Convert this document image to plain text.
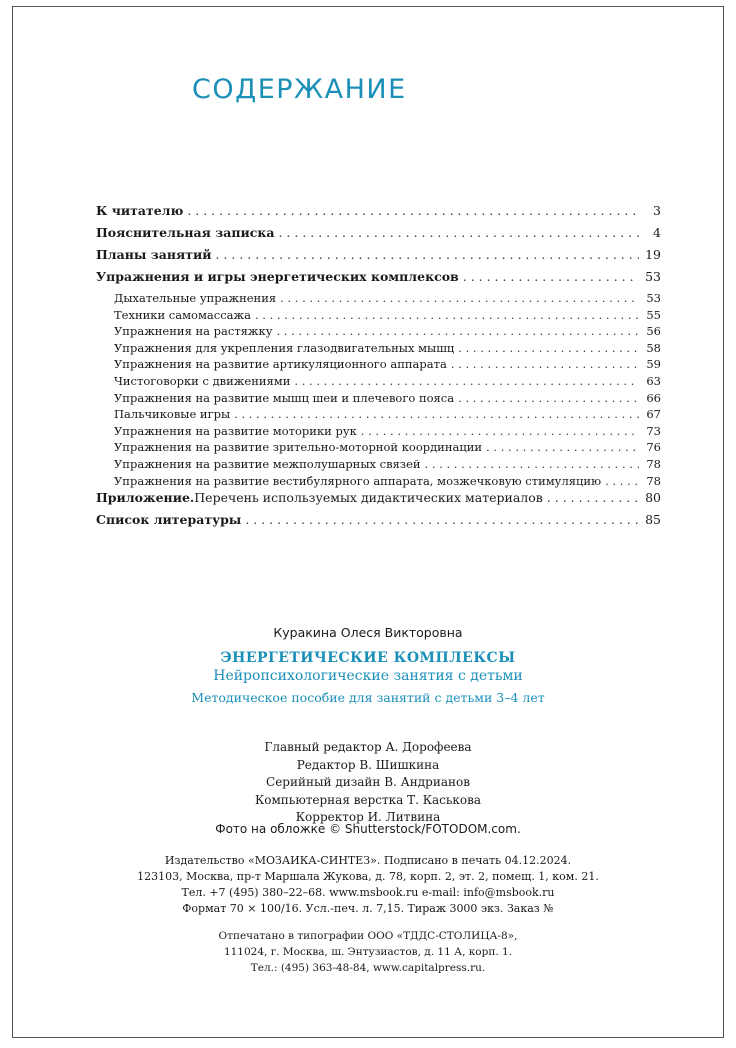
СОДЕРЖАНИЕ
К читателю . . .	3
Пояснительная записка . . .	4
Планы занятий . . .	19
Упражнения и игры энергетических комплексов . . .	53
Дыхательные упражнения . . .	53
Техники самомассажа . . .	55
Упражнения на растяжку . . .	56
Упражнения для укрепления глазодвигательных мышц . . .	58
Упражнения на развитие артикуляционного аппарата . . .	59
Чистоговорки с движениями . . .	63
Упражнения на развитие мышц шеи и плечевого пояса . . .	66
Пальчиковые игры . . .	67
Упражнения на развитие моторики рук . . .	73
Упражнения на развитие зрительно-моторной координации . . .	76
Упражнения на развитие межполушарных связей . . .	78
Упражнения на развитие вестибулярного аппарата, мозжечковую стимуляцию . . .	78
Приложение. Перечень используемых дидактических материалов . . .	80
Список литературы . . .	85
Куракина Олеся Викторовна
ЭНЕРГЕТИЧЕСКИЕ КОМПЛЕКСЫ
Нейропсихологические занятия с детьми
Методическое пособие для занятий с детьми 3–4 лет
Главный редактор А. Дорофеева
Редактор В. Шишкина
Серийный дизайн В. Андрианов
Компьютерная верстка Т. Каськова
Корректор И. Литвина
Фото на обложке © Shutterstock/FOTODOM.com.
Издательство «МОЗАИКА-СИНТЕЗ». Подписано в печать 04.12.2024.
123103, Москва, пр-т Маршала Жукова, д. 78, корп. 2, эт. 2, помещ. 1, ком. 21.
Тел. +7 (495) 380–22–68. www.msbook.ru e-mail: info@msbook.ru
Формат 70 × 100/16. Усл.-печ. л. 7,15. Тираж 3000 экз. Заказ №
Отпечатано в типографии ООО «ТДДС-СТОЛИЦА-8»,
111024, г. Москва, ш. Энтузиастов, д. 11 А, корп. 1.
Тел.: (495) 363-48-84, www.capitalpress.ru.
